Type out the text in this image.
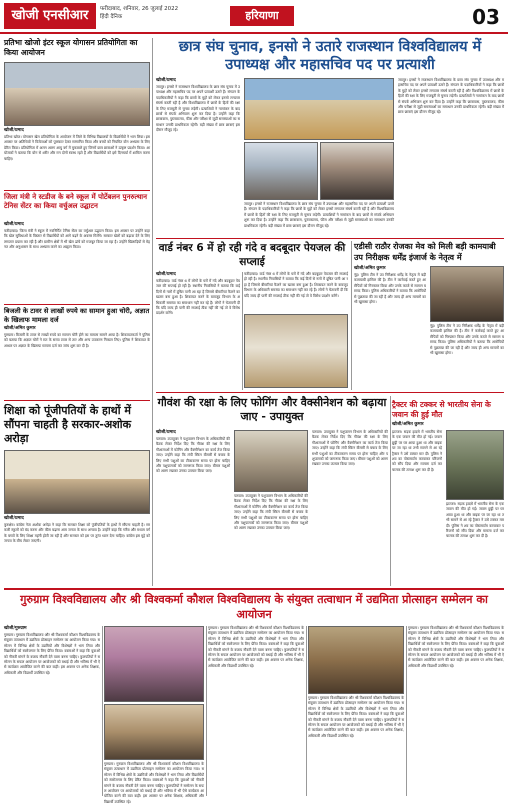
खोजी एनसीआर	फरीदाबाद, शनिवार, 26 जुलाई 2022
हिंदी दैनिक	हरियाणा	03
प्रतिभा खोजो इंटर स्कूल योगासन प्रतियोगिता का किया आयोजन
खोजी/प्रमाद
प्रतिभा खोज। योगासन खेल प्रतियोगिता के आयोजन में जिले के विभिन्न विद्यालयों के विद्यार्थियों ने भाग लिया। इस अवसर पर अतिथियों ने विजेताओं को पुरस्कार देकर सम्मानित किया और बच्चों को नियमित योग अभ्यास के लिए प्रेरित किया। प्रतियोगिता में अलग अलग आयु वर्ग में मुकाबले हुए जिनमें छात्र छात्राओं ने उत्कृष्ट प्रदर्शन किया। आयोजकों ने बताया कि योग से शरीर और मन दोनों स्वस्थ रहते हैं और विद्यार्थियों को इसे दिनचर्या में शामिल करना चाहिए।
जिला मंत्री ने स्टडीज के बने स्कूल में पोर्टेबलन पुनरुत्थान टेनिस सेंटर का किया वर्चुअल उद्घाटन
खोजी/प्रमाद
फरीदाबाद। जिला मंत्री ने स्कूल में नवनिर्मित टेनिस सेंटर का वर्चुअल उद्घाटन किया। इस अवसर पर उन्होंने कहा कि खेल सुविधाओं के विस्तार से विद्यार्थियों को आगे बढ़ने के अवसर मिलेंगे। सरकार खेलों को बढ़ावा देने के लिए लगातार प्रयास कर रही है और ग्रामीण क्षेत्रों में भी खेल ढांचे को मजबूत किया जा रहा है। उन्होंने खिलाड़ियों से मेहनत और अनुशासन के साथ अभ्यास करने का आह्वान किया।
बिजली के टावर से लाखों रुपये का सामान हुआ चोरी, अज्ञात के खिलाफ मामला दर्ज
खोजी/अमित कुमार
गुरुग्राम। बिजली के टावर से लाखों रुपये का सामान चोरी होने का मामला सामने आया है। शिकायतकर्ता ने पुलिस को बताया कि अज्ञात चोरों ने रात के समय टावर से तार और अन्य उपकरण निकाल लिए। पुलिस ने शिकायत के आधार पर अज्ञात के खिलाफ मामला दर्ज कर जांच शुरू कर दी है।
शिक्षा को पूंजीपतियों के हाथों में सौंपना चाहती है सरकार-अशोक अरोड़ा
खोजी/प्रमाद
कुरुक्षेत्र। कांग्रेस नेता अशोक अरोड़ा ने कहा कि सरकार शिक्षा को पूंजीपतियों के हाथों में सौंपना चाहती है। सरकारी स्कूलों को बंद करना और फीस बढ़ाना आम जनता के साथ अन्याय है। उन्होंने कहा कि गरीब और मध्यम वर्ग के बच्चों के लिए शिक्षा महंगी होती जा रही है और सरकार को इस पर तुरंत ध्यान देना चाहिए। कांग्रेस इस मुद्दे को जनता के बीच लेकर जाएगी।
छात्र संघ चुनाव, इनसो ने उतारे राजस्थान विश्वविद्यालय में उपाध्यक्ष और महासचिव पद पर प्रत्याशी
खोजी/प्रमाद
जयपुर। इनसो ने राजस्थान विश्वविद्यालय के छात्र संघ चुनाव में उपाध्यक्ष और महासचिव पद पर अपने प्रत्याशी उतारे हैं। संगठन के पदाधिकारियों ने कहा कि छात्रों के मुद्दों को लेकर इनसो लगातार संघर्ष करती रही है और विश्वविद्यालय में छात्रों के हितों की रक्षा के लिए मजबूती से चुनाव लड़ेगी। प्रत्याशियों ने नामांकन के बाद छात्रों से संपर्क अभियान शुरू कर दिया है। उन्होंने कहा कि छात्रावास, पुस्तकालय, फीस और परीक्षा से जुड़ी समस्याओं का समाधान उनकी प्राथमिकता रहेगी। बड़ी संख्या में छात्र छात्राएं इस दौरान मौजूद रहे।
जयपुर। इनसो ने राजस्थान विश्वविद्यालय के छात्र संघ चुनाव में उपाध्यक्ष और महासचिव पद पर अपने प्रत्याशी उतारे हैं। संगठन के पदाधिकारियों ने कहा कि छात्रों के मुद्दों को लेकर इनसो लगातार संघर्ष करती रही है और विश्वविद्यालय में छात्रों के हितों की रक्षा के लिए मजबूती से चुनाव लड़ेगी। प्रत्याशियों ने नामांकन के बाद छात्रों से संपर्क अभियान शुरू कर दिया है। उन्होंने कहा कि छात्रावास, पुस्तकालय, फीस और परीक्षा से जुड़ी समस्याओं का समाधान उनकी प्राथमिकता रहेगी। बड़ी संख्या में छात्र छात्राएं इस दौरान मौजूद रहे।
जयपुर। इनसो ने राजस्थान विश्वविद्यालय के छात्र संघ चुनाव में उपाध्यक्ष और महासचिव पद पर अपने प्रत्याशी उतारे हैं। संगठन के पदाधिकारियों ने कहा कि छात्रों के मुद्दों को लेकर इनसो लगातार संघर्ष करती रही है और विश्वविद्यालय में छात्रों के हितों की रक्षा के लिए मजबूती से चुनाव लड़ेगी। प्रत्याशियों ने नामांकन के बाद छात्रों से संपर्क अभियान शुरू कर दिया है। उन्होंने कहा कि छात्रावास, पुस्तकालय, फीस और परीक्षा से जुड़ी समस्याओं का समाधान उनकी प्राथमिकता रहेगी। बड़ी संख्या में छात्र छात्राएं इस दौरान मौजूद रहे।
वार्ड नंबर 6 में हो रही गंदे व बदबूदार पेयजल की सप्लाई
खोजी/प्रमाद
फरीदाबाद। वार्ड नंबर 6 में लोगों के घरों में गंदे और बदबूदार पेयजल की सप्लाई हो रही है। स्थानीय निवासियों ने बताया कि कई दिनों से नलों में दूषित पानी आ रहा है जिससे बीमारियां फैलने का खतरा बना हुआ है। शिकायत करने के बावजूद विभाग के अधिकारी समस्या का समाधान नहीं कर रहे हैं। लोगों ने चेतावनी दी कि यदि जल्द ही पानी की सप्लाई ठीक नहीं की गई तो वे विरोध प्रदर्शन करेंगे।
फरीदाबाद। वार्ड नंबर 6 में लोगों के घरों में गंदे और बदबूदार पेयजल की सप्लाई हो रही है। स्थानीय निवासियों ने बताया कि कई दिनों से नलों में दूषित पानी आ रहा है जिससे बीमारियां फैलने का खतरा बना हुआ है। शिकायत करने के बावजूद विभाग के अधिकारी समस्या का समाधान नहीं कर रहे हैं। लोगों ने चेतावनी दी कि यदि जल्द ही पानी की सप्लाई ठीक नहीं की गई तो वे विरोध प्रदर्शन करेंगे।
एडीसी राठौर रोजका मेव को मिली बड़ी कामयाबी उप निरीक्षक धर्मेंद्र इंजार्ज के नेतृत्व में
खोजी/अमित कुमार
नूंह। पुलिस टीम ने उप निरीक्षक धर्मेंद्र के नेतृत्व में बड़ी कामयाबी हासिल की है। टीम ने कार्रवाई करते हुए आरोपियों को गिरफ्तार किया और उनके कब्जे से सामान बरामद किया। पुलिस अधिकारियों ने बताया कि आरोपियों से पूछताछ की जा रही है और जल्द ही अन्य मामलों का भी खुलासा होगा।
नूंह। पुलिस टीम ने उप निरीक्षक धर्मेंद्र के नेतृत्व में बड़ी कामयाबी हासिल की है। टीम ने कार्रवाई करते हुए आरोपियों को गिरफ्तार किया और उनके कब्जे से सामान बरामद किया। पुलिस अधिकारियों ने बताया कि आरोपियों से पूछताछ की जा रही है और जल्द ही अन्य मामलों का भी खुलासा होगा।
गौवंश की रक्षा के लिए फोगिंग और वैक्सीनेशन को बढ़ाया जाए - उपायुक्त
खोजी/प्रमाद
पलवल। उपायुक्त ने पशुपालन विभाग के अधिकारियों की बैठक लेकर निर्देश दिए कि गौवंश की रक्षा के लिए गौशालाओं में फोगिंग और वैक्सीनेशन का कार्य तेज किया जाए। उन्होंने कहा कि लंपी स्किन बीमारी से बचाव के लिए सभी पशुओं का टीकाकरण समय पर होना चाहिए और पशुपालकों को जागरूक किया जाए। बीमार पशुओं को अलग रखकर उनका उपचार किया जाए।
पलवल। उपायुक्त ने पशुपालन विभाग के अधिकारियों की बैठक लेकर निर्देश दिए कि गौवंश की रक्षा के लिए गौशालाओं में फोगिंग और वैक्सीनेशन का कार्य तेज किया जाए। उन्होंने कहा कि लंपी स्किन बीमारी से बचाव के लिए सभी पशुओं का टीकाकरण समय पर होना चाहिए और पशुपालकों को जागरूक किया जाए। बीमार पशुओं को अलग रखकर उनका उपचार किया जाए।
पलवल। उपायुक्त ने पशुपालन विभाग के अधिकारियों की बैठक लेकर निर्देश दिए कि गौवंश की रक्षा के लिए गौशालाओं में फोगिंग और वैक्सीनेशन का कार्य तेज किया जाए। उन्होंने कहा कि लंपी स्किन बीमारी से बचाव के लिए सभी पशुओं का टीकाकरण समय पर होना चाहिए और पशुपालकों को जागरूक किया जाए। बीमार पशुओं को अलग रखकर उनका उपचार किया जाए।
ट्रैक्टर की टक्कर से भारतीय सेना के जवान की हुई मौत
खोजी/अमित कुमार
झज्जर। सड़क हादसे में भारतीय सेना के एक जवान की मौत हो गई। जवान छुट्टी पर घर आया हुआ था और बाइक पर जा रहा था तभी सामने से आ रहे ट्रैक्टर ने उसे टक्कर मार दी। पुलिस ने शव का पोस्टमार्टम करवाकर परिजनों को सौंप दिया और मामला दर्ज कर चालक की तलाश शुरू कर दी है।
झज्जर। सड़क हादसे में भारतीय सेना के एक जवान की मौत हो गई। जवान छुट्टी पर घर आया हुआ था और बाइक पर जा रहा था तभी सामने से आ रहे ट्रैक्टर ने उसे टक्कर मार दी। पुलिस ने शव का पोस्टमार्टम करवाकर परिजनों को सौंप दिया और मामला दर्ज कर चालक की तलाश शुरू कर दी है।
गुरुग्राम विश्वविद्यालय और श्री विश्वकर्मा कौशल विश्वविद्यालय के संयुक्त तत्वाधान में उद्यमिता प्रोत्साहन सम्मेलन का आयोजन
खोजी/गुरुग्राम
गुरुग्राम। गुरुग्राम विश्वविद्यालय और श्री विश्वकर्मा कौशल विश्वविद्यालय के संयुक्त तत्वाधान में उद्यमिता प्रोत्साहन सम्मेलन का आयोजन किया गया। सम्मेलन में विभिन्न क्षेत्रों के उद्यमियों और विशेषज्ञों ने भाग लिया और विद्यार्थियों को स्वरोजगार के लिए प्रेरित किया। वक्ताओं ने कहा कि युवाओं को नौकरी मांगने के बजाय नौकरी देने वाला बनना चाहिए। कुलपतियों ने सम्मेलन के सफल आयोजन पर आयोजकों को बधाई दी और भविष्य में भी ऐसे कार्यक्रम आयोजित करने की बात कही। इस अवसर पर अनेक शिक्षक, अधिकारी और विद्यार्थी उपस्थित रहे।
गुरुग्राम। गुरुग्राम विश्वविद्यालय और श्री विश्वकर्मा कौशल विश्वविद्यालय के संयुक्त तत्वाधान में उद्यमिता प्रोत्साहन सम्मेलन का आयोजन किया गया। सम्मेलन में विभिन्न क्षेत्रों के उद्यमियों और विशेषज्ञों ने भाग लिया और विद्यार्थियों को स्वरोजगार के लिए प्रेरित किया। वक्ताओं ने कहा कि युवाओं को नौकरी मांगने के बजाय नौकरी देने वाला बनना चाहिए। कुलपतियों ने सम्मेलन के सफल आयोजन पर आयोजकों को बधाई दी और भविष्य में भी ऐसे कार्यक्रम आयोजित करने की बात कही। इस अवसर पर अनेक शिक्षक, अधिकारी और विद्यार्थी उपस्थित रहे।
गुरुग्राम। गुरुग्राम विश्वविद्यालय और श्री विश्वकर्मा कौशल विश्वविद्यालय के संयुक्त तत्वाधान में उद्यमिता प्रोत्साहन सम्मेलन का आयोजन किया गया। सम्मेलन में विभिन्न क्षेत्रों के उद्यमियों और विशेषज्ञों ने भाग लिया और विद्यार्थियों को स्वरोजगार के लिए प्रेरित किया। वक्ताओं ने कहा कि युवाओं को नौकरी मांगने के बजाय नौकरी देने वाला बनना चाहिए। कुलपतियों ने सम्मेलन के सफल आयोजन पर आयोजकों को बधाई दी और भविष्य में भी ऐसे कार्यक्रम आयोजित करने की बात कही। इस अवसर पर अनेक शिक्षक, अधिकारी और विद्यार्थी उपस्थित रहे।
गुरुग्राम। गुरुग्राम विश्वविद्यालय और श्री विश्वकर्मा कौशल विश्वविद्यालय के संयुक्त तत्वाधान में उद्यमिता प्रोत्साहन सम्मेलन का आयोजन किया गया। सम्मेलन में विभिन्न क्षेत्रों के उद्यमियों और विशेषज्ञों ने भाग लिया और विद्यार्थियों को स्वरोजगार के लिए प्रेरित किया। वक्ताओं ने कहा कि युवाओं को नौकरी मांगने के बजाय नौकरी देने वाला बनना चाहिए। कुलपतियों ने सम्मेलन के सफल आयोजन पर आयोजकों को बधाई दी और भविष्य में भी ऐसे कार्यक्रम आयोजित करने की बात कही। इस अवसर पर अनेक शिक्षक, अधिकारी और विद्यार्थी उपस्थित रहे।
गुरुग्राम। गुरुग्राम विश्वविद्यालय और श्री विश्वकर्मा कौशल विश्वविद्यालय के संयुक्त तत्वाधान में उद्यमिता प्रोत्साहन सम्मेलन का आयोजन किया गया। सम्मेलन में विभिन्न क्षेत्रों के उद्यमियों और विशेषज्ञों ने भाग लिया और विद्यार्थियों को स्वरोजगार के लिए प्रेरित किया। वक्ताओं ने कहा कि युवाओं को नौकरी मांगने के बजाय नौकरी देने वाला बनना चाहिए। कुलपतियों ने सम्मेलन के सफल आयोजन पर आयोजकों को बधाई दी और भविष्य में भी ऐसे कार्यक्रम आयोजित करने की बात कही। इस अवसर पर अनेक शिक्षक, अधिकारी और विद्यार्थी उपस्थित रहे।
